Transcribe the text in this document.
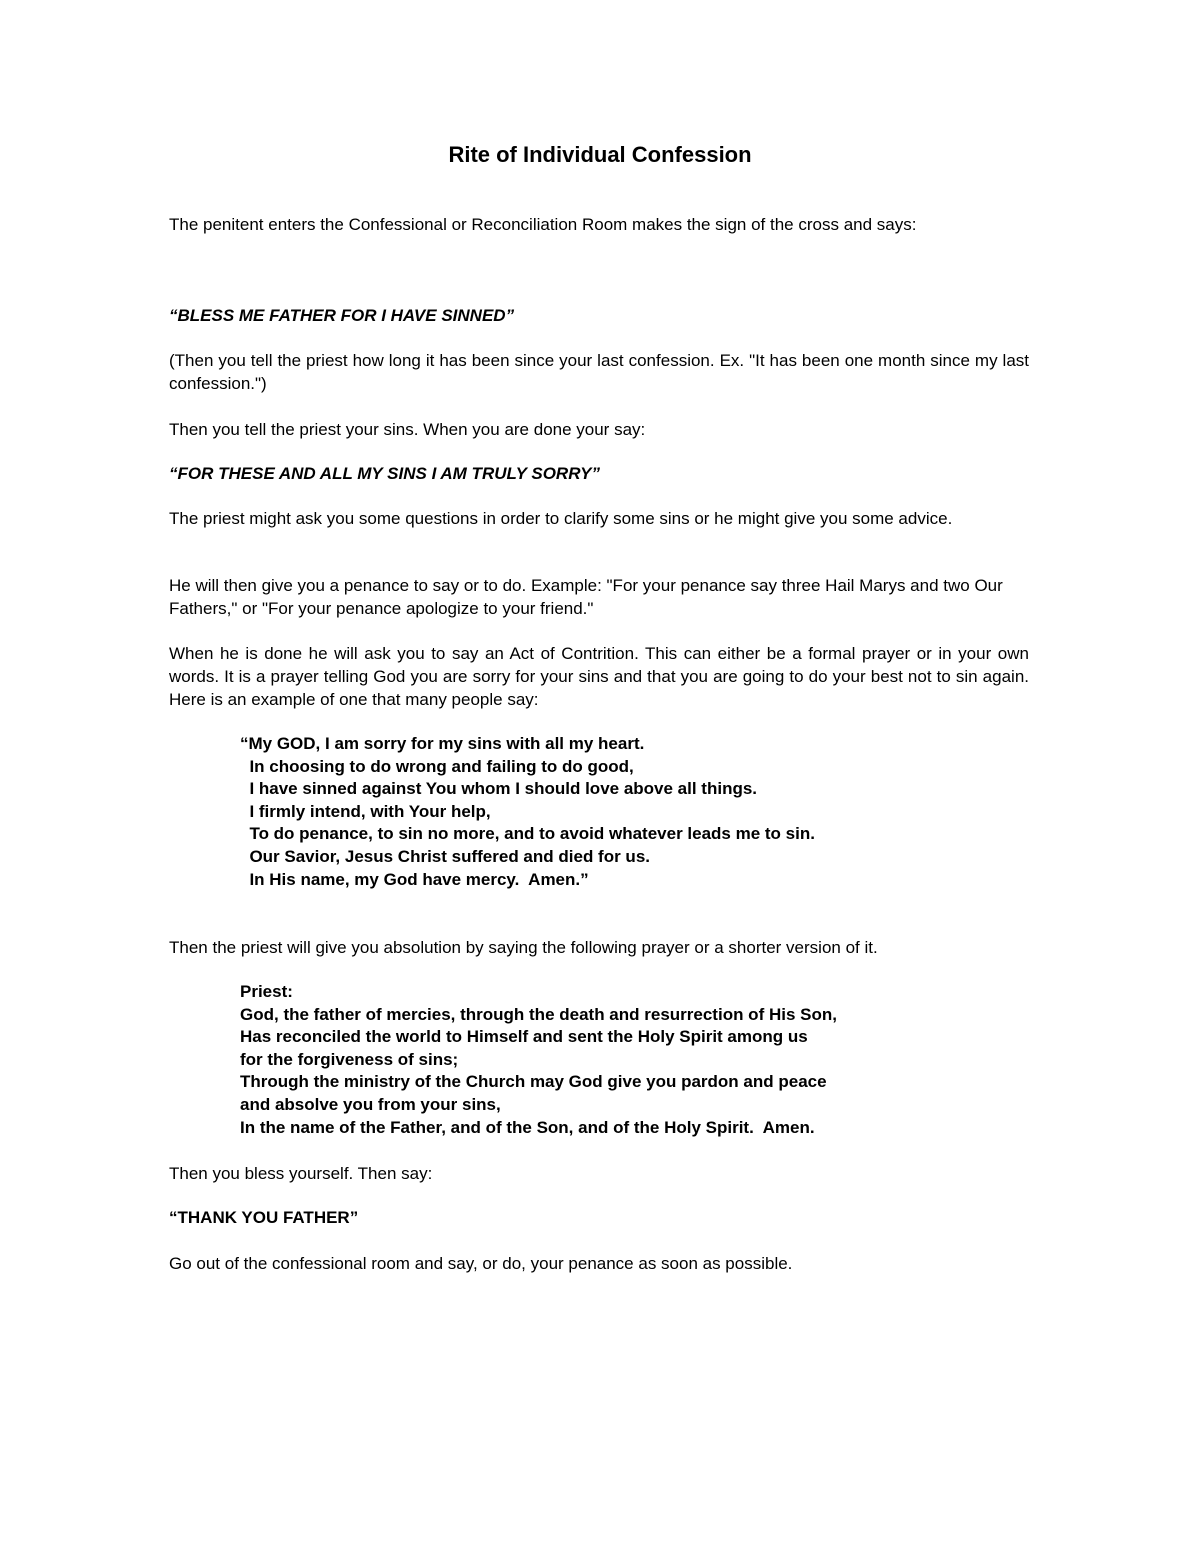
Rite of Individual Confession

The penitent enters the Confessional or Reconciliation Room makes the sign of the cross and says:

“BLESS ME FATHER FOR I HAVE SINNED”

(Then you tell the priest how long it has been since your last confession. Ex. "It has been one month since my last confession.")

Then you tell the priest your sins. When you are done your say:

“FOR THESE AND ALL MY SINS I AM TRULY SORRY”

The priest might ask you some questions in order to clarify some sins or he might give you some advice.

He will then give you a penance to say or to do. Example: "For your penance say three Hail Marys and two Our Fathers," or "For your penance apologize to your friend."

When he is done he will ask you to say an Act of Contrition. This can either be a formal prayer or in your own words. It is a prayer telling God you are sorry for your sins and that you are going to do your best not to sin again. Here is an example of one that many people say:

“My GOD, I am sorry for my sins with all my heart.
In choosing to do wrong and failing to do good,
I have sinned against You whom I should love above all things.
I firmly intend, with Your help,
To do penance, to sin no more, and to avoid whatever leads me to sin.
Our Savior, Jesus Christ suffered and died for us.
In His name, my God have mercy.  Amen.”

Then the priest will give you absolution by saying the following prayer or a shorter version of it.

Priest:
God, the father of mercies, through the death and resurrection of His Son,
Has reconciled the world to Himself and sent the Holy Spirit among us
for the forgiveness of sins;
Through the ministry of the Church may God give you pardon and peace
and absolve you from your sins,
In the name of the Father, and of the Son, and of the Holy Spirit.  Amen.

Then you bless yourself. Then say:

“THANK YOU FATHER”

Go out of the confessional room and say, or do, your penance as soon as possible.
